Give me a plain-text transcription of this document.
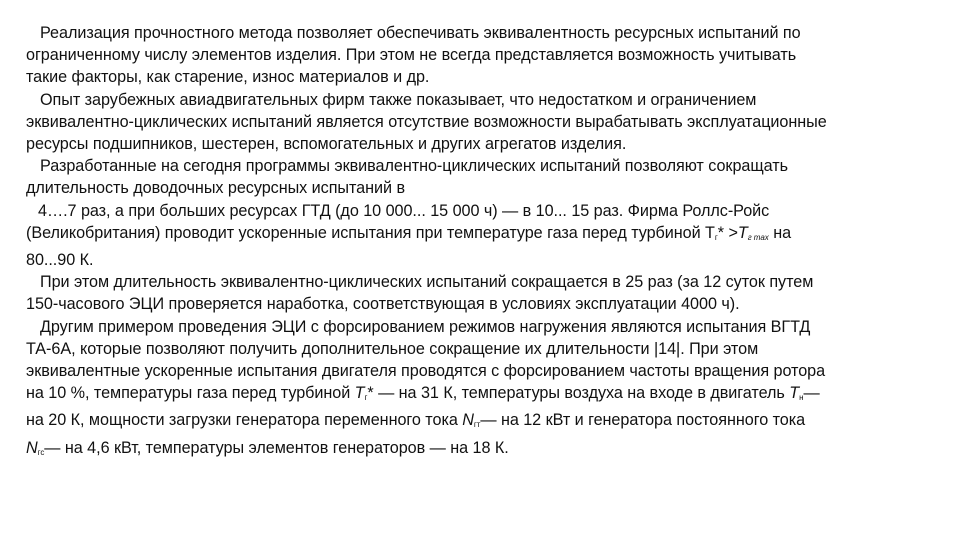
Реализация прочностного метода позволяет обеспечивать эквивалентность ресурсных испытаний по
ограниченному числу элементов изделия. При этом не всегда представляется возможность учитывать
такие факторы, как старение, износ материалов и др.

Опыт зарубежных авиадвигательных фирм также показывает, что недостатком и ограничением
эквивалентно-циклических испытаний является отсутствие возможности вырабатывать эксплуатационные
ресурсы подшипников, шестерен, вспомогательных и других агрегатов изделия.

Разработанные на сегодня программы эквивалентно-циклических испытаний позволяют сокращать
длительность доводочных ресурсных испытаний в
4….7 раз, а при больших ресурсах ГТД (до 10 000... 15 000 ч) — в 10... 15 раз. Фирма Роллс-Ройс
(Великобритания) проводит ускоренные испытания при температуре газа перед турбиной $Т_г* >Тг$ max на
80...90 К.

При этом длительность эквивалентно-циклических испытаний сокращается в 25 раз (за 12 суток путем
150-часового ЭЦИ проверяется наработка, соответствующая в условиях эксплуатации 4000 ч).

Другим примером проведения ЭЦИ с форсированием режимов нагружения являются испытания ВГТД
ТА-6А, которые позволяют получить дополнительное сокращение их длительности |14|. При этом
эквивалентные ускоренные испытания двигателя проводятся с форсированием частоты вращения ротора
на 10 %, температуры газа перед турбиной $Т_г*$ — на 31 К, температуры воздуха на входе в двигатель $Т_н—$
на 20 К, мощности загрузки генератора переменного тока $N_{гт}—$ на 12 кВт и генератора постоянного тока
$N_{гс}—$ на 4,6 кВт, температуры элементов генераторов — на 18 К.
